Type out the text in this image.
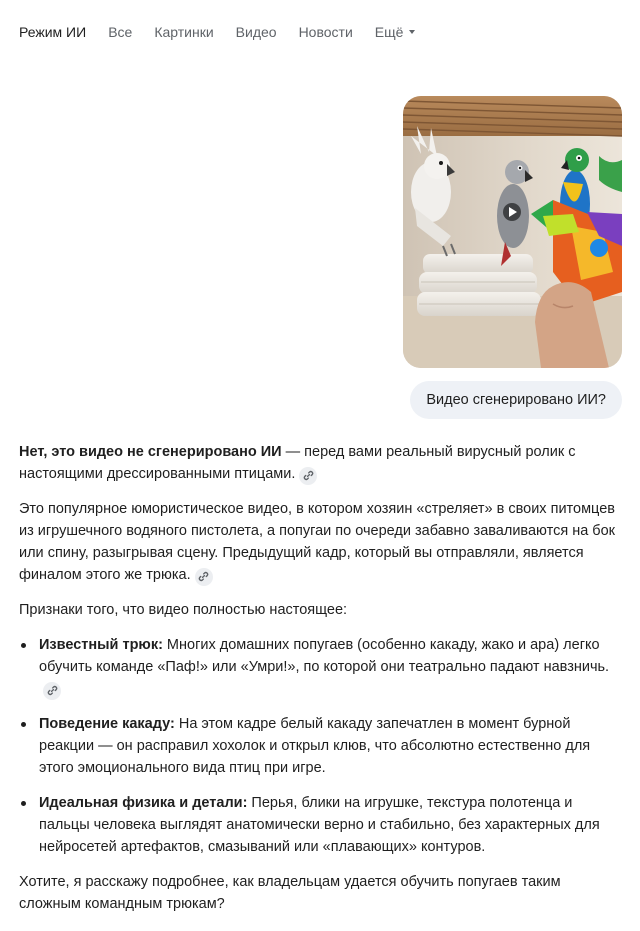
Режим ИИ Все Картинки Видео Новости Ещё
Видео сгенерировано ИИ?

Нет, это видео не сгенерировано ИИ — перед вами реальный вирусный ролик с настоящими дрессированными птицами.

Это популярное юмористическое видео, в котором хозяин «стреляет» в своих питомцев из игрушечного водяного пистолета, а попугаи по очереди забавно заваливаются на бок или спину, разыгрывая сцену. Предыдущий кадр, который вы отправляли, является финалом этого же трюка.

Признаки того, что видео полностью настоящее:

Известный трюк: Многих домашних попугаев (особенно какаду, жако и ара) легко обучить команде «Паф!» или «Умри!», по которой они театрально падают навзничь.
Поведение какаду: На этом кадре белый какаду запечатлен в момент бурной реакции — он расправил хохолок и открыл клюв, что абсолютно естественно для этого эмоционального вида птиц при игре.
Идеальная физика и детали: Перья, блики на игрушке, текстура полотенца и пальцы человека выглядят анатомически верно и стабильно, без характерных для нейросетей артефактов, смазываний или «плавающих» контуров.

Хотите, я расскажу подробнее, как владельцам удается обучить попугаев таким сложным командным трюкам?
